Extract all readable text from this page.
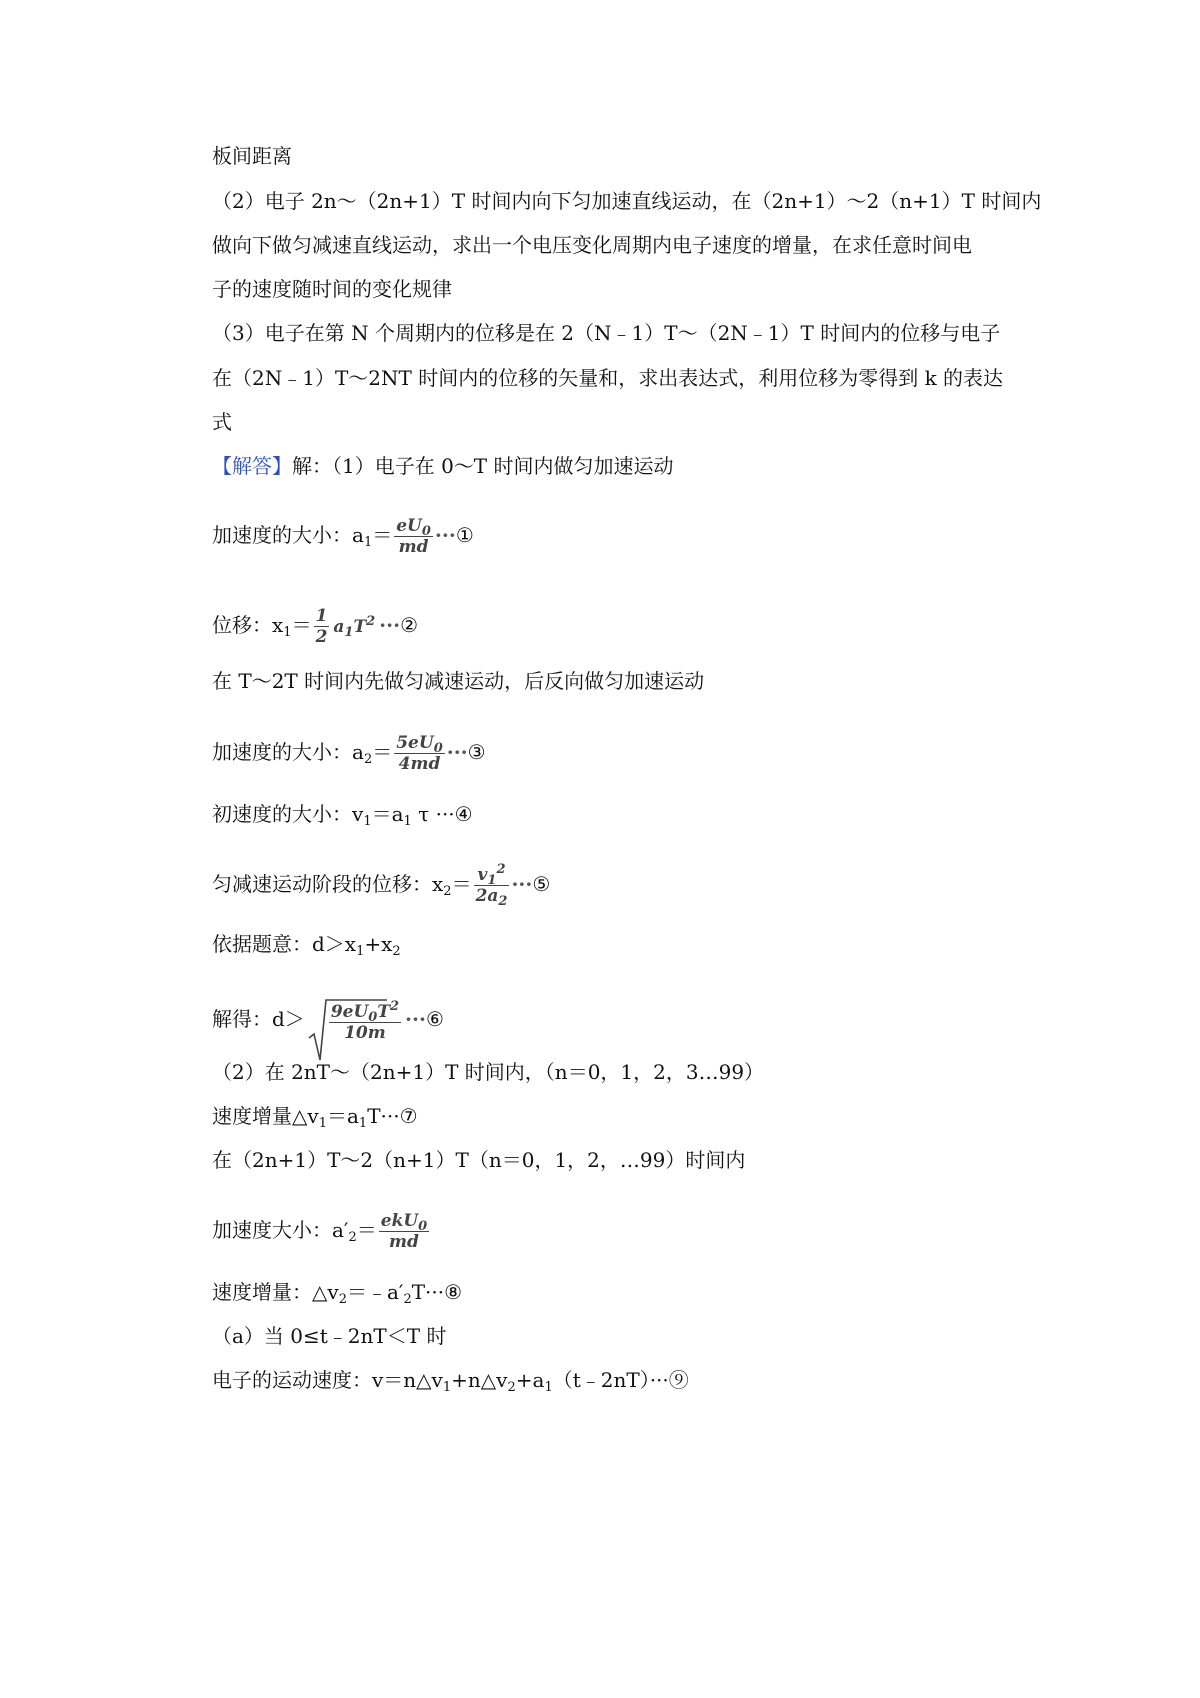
板间距离
（2）电子 2n～（2n+1）T 时间内向下匀加速直线运动，在（2n+1）～2（n+1）T 时间内
做向下做匀减速直线运动，求出一个电压变化周期内电子速度的增量，在求任意时间电
子的速度随时间的变化规律
（3）电子在第 N 个周期内的位移是在 2（N﹣1）T～（2N﹣1）T 时间内的位移与电子
在（2N﹣1）T～2NT 时间内的位移的矢量和，求出表达式，利用位移为零得到 k 的表达
式
【解答】解：（1）电子在 0～T 时间内做匀加速运动
加速度的大小：$a_1= \frac{eU_0}{md}$ ···①
位移：$x_1= \frac{1}{2} a_1T^2$ ···②
在 T～2T 时间内先做匀减速运动，后反向做匀加速运动
加速度的大小：$a_2= \frac{5eU_0}{4md}$ ···③
初速度的大小：$v_1=a_1$ τ ···④
匀减速运动阶段的位移：$x_2= \frac{v_1^2}{2a_2}$ ···⑤
依据题意：$d>x_1+x_2$
解得：$d> \frac{9eU_0T^2}{10m}$ ···⑥
（2）在 2nT～（2n+1）T 时间内，（n＝0，1，2，3…99）
速度增量$\triangle v_1=a_1T\cdot\cdot\cdot ⑦$
在（2n+1）T～2（n+1）T（n＝0，1，2，…99）时间内
加速度大小：$a'_2= ekU_0$
md
速度增量：$\triangle v_2=﹣a'_2T\cdot\cdot\cdot ⑧$
（a）当 0≤t﹣2nT＜T 时
电子的运动速度：$v=n\triangle v_1+n\triangle v_2+a_1(t﹣2nT)\cdot\cdot\cdot ⑨$
